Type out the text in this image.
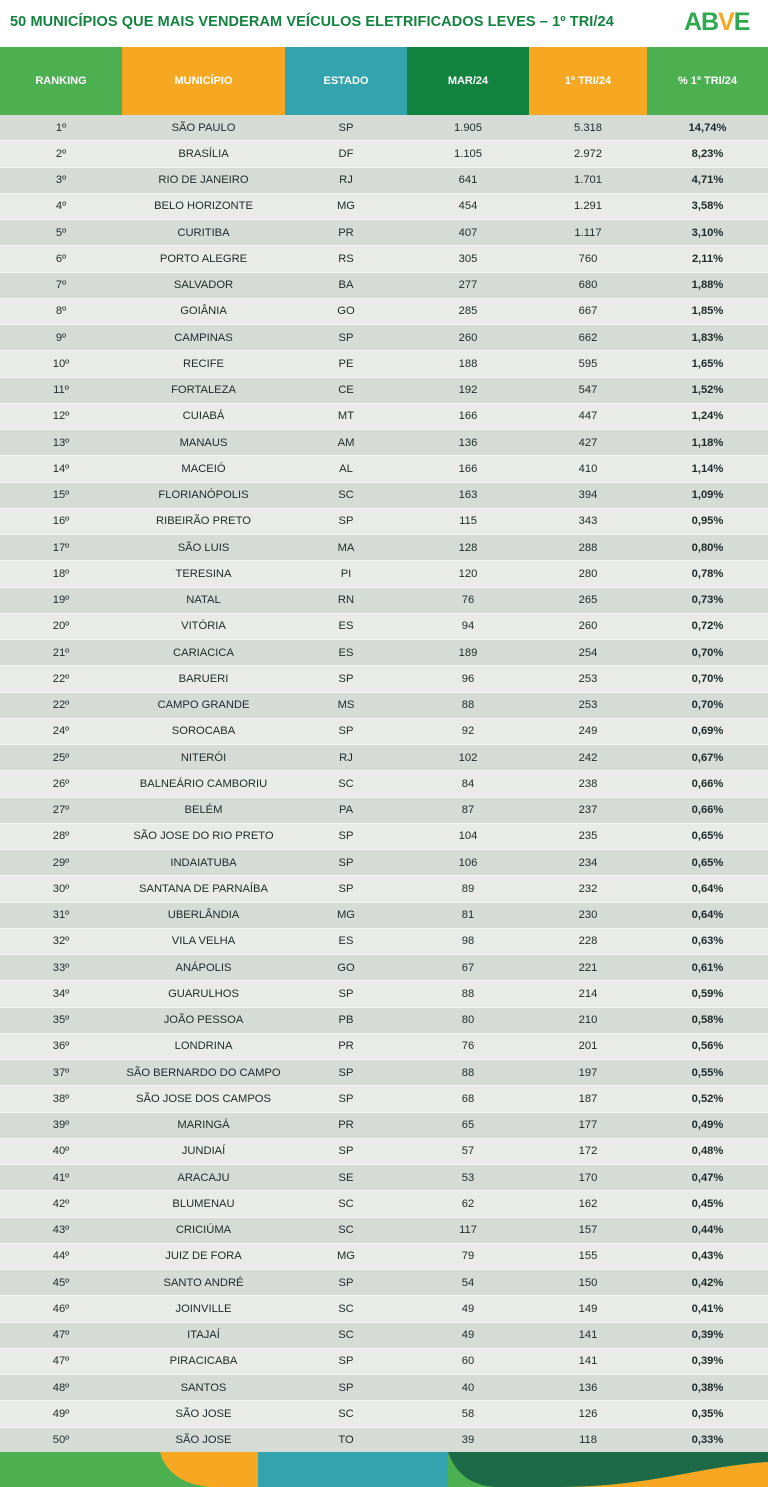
50 MUNICÍPIOS QUE MAIS VENDERAM VEÍCULOS ELETRIFICADOS LEVES – 1º TRI/24	ABVE
RANKING	MUNICÍPIO	ESTADO	MAR/24	1º TRI/24	% 1º TRI/24
1º	SÃO PAULO	SP	1.905	5.318	14,74%
2º	BRASÍLIA	DF	1.105	2.972	8,23%
3º	RIO DE JANEIRO	RJ	641	1.701	4,71%
4º	BELO HORIZONTE	MG	454	1.291	3,58%
5º	CURITIBA	PR	407	1.117	3,10%
6º	PORTO ALEGRE	RS	305	760	2,11%
7º	SALVADOR	BA	277	680	1,88%
8º	GOIÂNIA	GO	285	667	1,85%
9º	CAMPINAS	SP	260	662	1,83%
10º	RECIFE	PE	188	595	1,65%
11º	FORTALEZA	CE	192	547	1,52%
12º	CUIABÁ	MT	166	447	1,24%
13º	MANAUS	AM	136	427	1,18%
14º	MACEIÓ	AL	166	410	1,14%
15º	FLORIANÓPOLIS	SC	163	394	1,09%
16º	RIBEIRÃO PRETO	SP	115	343	0,95%
17º	SÃO LUIS	MA	128	288	0,80%
18º	TERESINA	PI	120	280	0,78%
19º	NATAL	RN	76	265	0,73%
20º	VITÓRIA	ES	94	260	0,72%
21º	CARIACICA	ES	189	254	0,70%
22º	BARUERI	SP	96	253	0,70%
22º	CAMPO GRANDE	MS	88	253	0,70%
24º	SOROCABA	SP	92	249	0,69%
25º	NITERÓI	RJ	102	242	0,67%
26º	BALNEÁRIO CAMBORIU	SC	84	238	0,66%
27º	BELÉM	PA	87	237	0,66%
28º	SÃO JOSE DO RIO PRETO	SP	104	235	0,65%
29º	INDAIATUBA	SP	106	234	0,65%
30º	SANTANA DE PARNAÍBA	SP	89	232	0,64%
31º	UBERLÂNDIA	MG	81	230	0,64%
32º	VILA VELHA	ES	98	228	0,63%
33º	ANÁPOLIS	GO	67	221	0,61%
34º	GUARULHOS	SP	88	214	0,59%
35º	JOÃO PESSOA	PB	80	210	0,58%
36º	LONDRINA	PR	76	201	0,56%
37º	SÃO BERNARDO DO CAMPO	SP	88	197	0,55%
38º	SÃO JOSE DOS CAMPOS	SP	68	187	0,52%
39º	MARINGÁ	PR	65	177	0,49%
40º	JUNDIAÍ	SP	57	172	0,48%
41º	ARACAJU	SE	53	170	0,47%
42º	BLUMENAU	SC	62	162	0,45%
43º	CRICIÚMA	SC	117	157	0,44%
44º	JUIZ DE FORA	MG	79	155	0,43%
45º	SANTO ANDRÉ	SP	54	150	0,42%
46º	JOINVILLE	SC	49	149	0,41%
47º	ITAJAÍ	SC	49	141	0,39%
47º	PIRACICABA	SP	60	141	0,39%
48º	SANTOS	SP	40	136	0,38%
49º	SÃO JOSE	SC	58	126	0,35%
50º	SÃO JOSE	TO	39	118	0,33%
